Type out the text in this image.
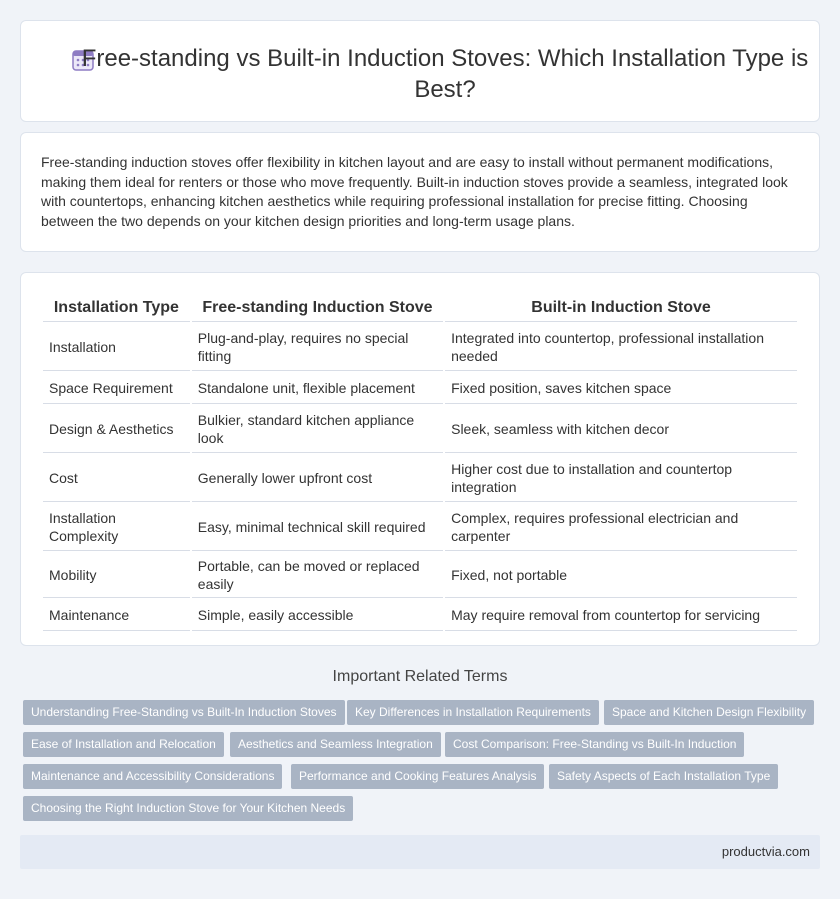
Free-standing vs Built-in Induction Stoves: Which Installation Type is Best?

Free-standing induction stoves offer flexibility in kitchen layout and are easy to install without permanent modifications, making them ideal for renters or those who move frequently. Built-in induction stoves provide a seamless, integrated look with countertops, enhancing kitchen aesthetics while requiring professional installation for precise fitting. Choosing between the two depends on your kitchen design priorities and long-term usage plans.

Installation Type	Free-standing Induction Stove	Built-in Induction Stove
Installation	Plug-and-play, requires no special fitting	Integrated into countertop, professional installation needed
Space Requirement	Standalone unit, flexible placement	Fixed position, saves kitchen space
Design & Aesthetics	Bulkier, standard kitchen appliance look	Sleek, seamless with kitchen decor
Cost	Generally lower upfront cost	Higher cost due to installation and countertop integration
Installation Complexity	Easy, minimal technical skill required	Complex, requires professional electrician and carpenter
Mobility	Portable, can be moved or replaced easily	Fixed, not portable
Maintenance	Simple, easily accessible	May require removal from countertop for servicing
Important Related Terms
Understanding Free-Standing vs Built-In Induction Stoves	Key Differences in Installation Requirements	Space and Kitchen Design Flexibility
Ease of Installation and Relocation	Aesthetics and Seamless Integration	Cost Comparison: Free-Standing vs Built-In Induction
Maintenance and Accessibility Considerations	Performance and Cooking Features Analysis	Safety Aspects of Each Installation Type
Choosing the Right Induction Stove for Your Kitchen Needs
productvia.com
